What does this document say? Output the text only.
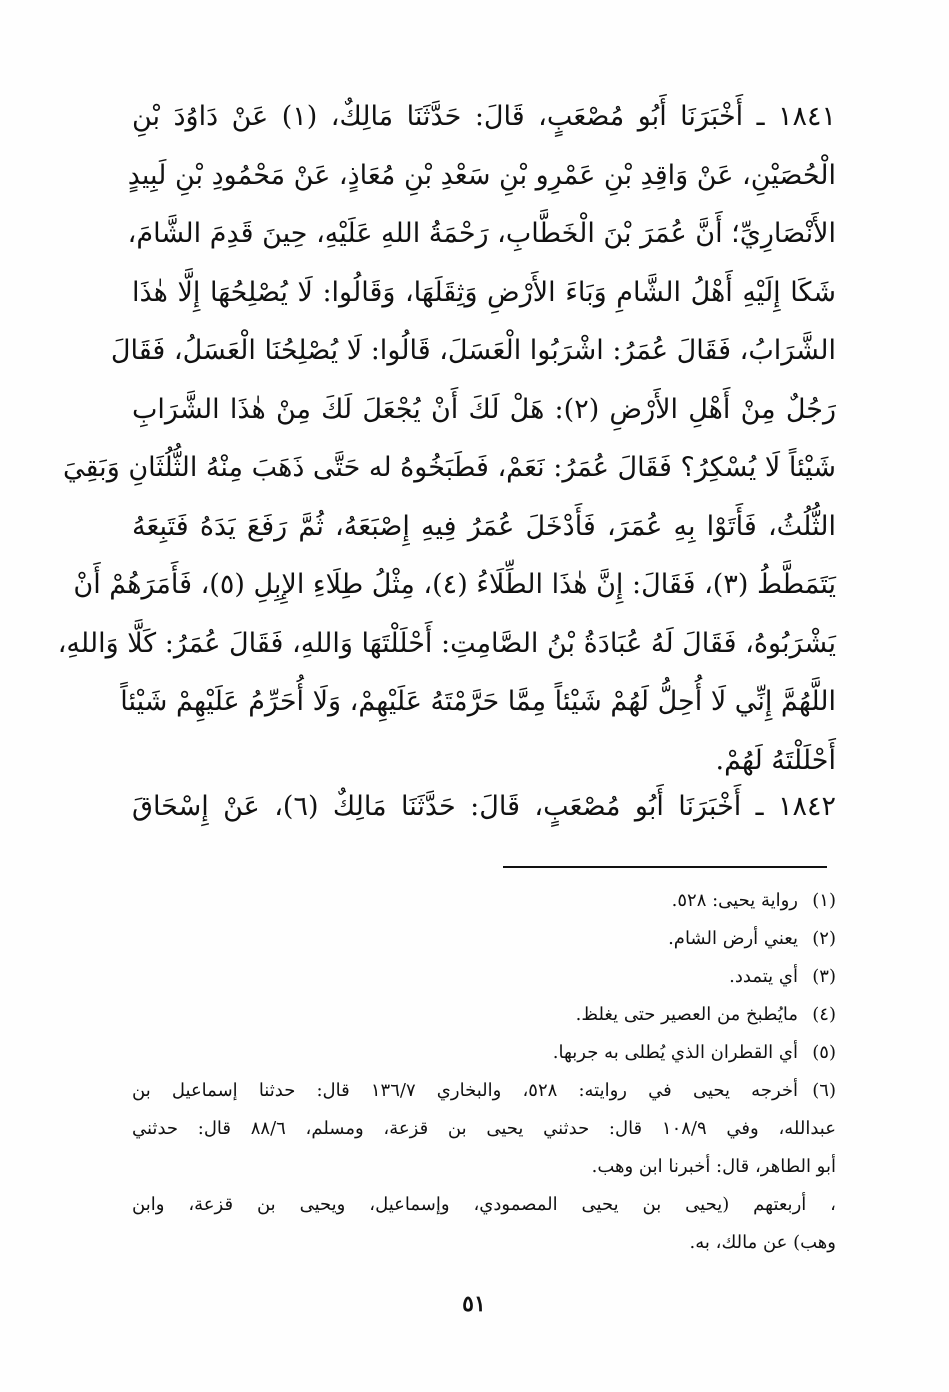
١٨٤١ ـ أَخْبَرَنَا أَبُو مُصْعَبٍ، قَالَ: حَدَّثَنَا مَالِكٌ، (١) عَنْ دَاوُدَ بْنِ
الْحُصَيْنِ، عَنْ وَاقِدِ بْنِ عَمْرِو بْنِ سَعْدِ بْنِ مُعَاذٍ، عَنْ مَحْمُودِ بْنِ لَبِيدٍ
الأَنْصَارِيِّ؛ أَنَّ عُمَرَ بْنَ الْخَطَّابِ، رَحْمَةُ اللهِ عَلَيْهِ، حِينَ قَدِمَ الشَّامَ،
شَكَا إِلَيْهِ أَهْلُ الشَّامِ وَبَاءَ الأَرْضِ وَثِقَلَهَا، وَقَالُوا: لَا يُصْلِحُهَا إِلَّا هٰذَا
الشَّرَابُ، فَقَالَ عُمَرُ: اشْرَبُوا الْعَسَلَ، قَالُوا: لَا يُصْلِحُنَا الْعَسَلُ، فَقَالَ
رَجُلٌ مِنْ أَهْلِ الأَرْضِ (٢): هَلْ لَكَ أَنْ يُجْعَلَ لَكَ مِنْ هٰذَا الشَّرَابِ
شَيْئاً لَا يُسْكِرُ؟ فَقَالَ عُمَرُ: نَعَمْ، فَطَبَخُوهُ له حَتَّى ذَهَبَ مِنْهُ الثُّلُثَانِ وَبَقِيَ
الثُّلُثُ، فَأَتَوْا بِهِ عُمَرَ، فَأَدْخَلَ عُمَرُ فِيهِ إِصْبَعَهُ، ثُمَّ رَفَعَ يَدَهُ فَتَبِعَهُ
يَتَمَطَّطُ (٣)، فَقَالَ: إِنَّ هٰذَا الطِّلَاءُ (٤)، مِثْلُ طِلَاءِ الإِبِلِ (٥)، فَأَمَرَهُمْ أَنْ
يَشْرَبُوهُ، فَقَالَ لَهُ عُبَادَةُ بْنُ الصَّامِتِ: أَحْلَلْتَهَا وَاللهِ، فَقَالَ عُمَرُ: كَلَّا وَاللهِ،
اللَّهُمَّ إِنِّي لَا أُحِلُّ لَهُمْ شَيْئاً مِمَّا حَرَّمْتَهُ عَلَيْهِمْ، وَلَا أُحَرِّمُ عَلَيْهِمْ شَيْئاً
أَحْلَلْتَهُ لَهُمْ.
١٨٤٢ ـ أَخْبَرَنَا أَبُو مُصْعَبٍ، قَالَ: حَدَّثَنَا مَالِكٌ (٦)، عَنْ إِسْحَاقَ
(١)
رواية يحيى: ٥٢٨.
(٢)
يعني أرض الشام.
(٣)
أي يتمدد.
(٤)
مايُطبخ من العصير حتى يغلظ.
(٥)
أي القطران الذي يُطلى به جربها.
(٦)
أخرجه يحيى في روايته: ٥٢٨، والبخاري ١٣٦/٧ قال: حدثنا إسماعيل بن
عبدالله، وفي ١٠٨/٩ قال: حدثني يحيى بن قزعة، ومسلم، ٨٨/٦ قال: حدثني
أبو الطاهر، قال: أخبرنا ابن وهب.
، أربعتهم (يحيى بن يحيى المصمودي، وإسماعيل، ويحيى بن قزعة، وابن
وهب) عن مالك، به.
٥١
